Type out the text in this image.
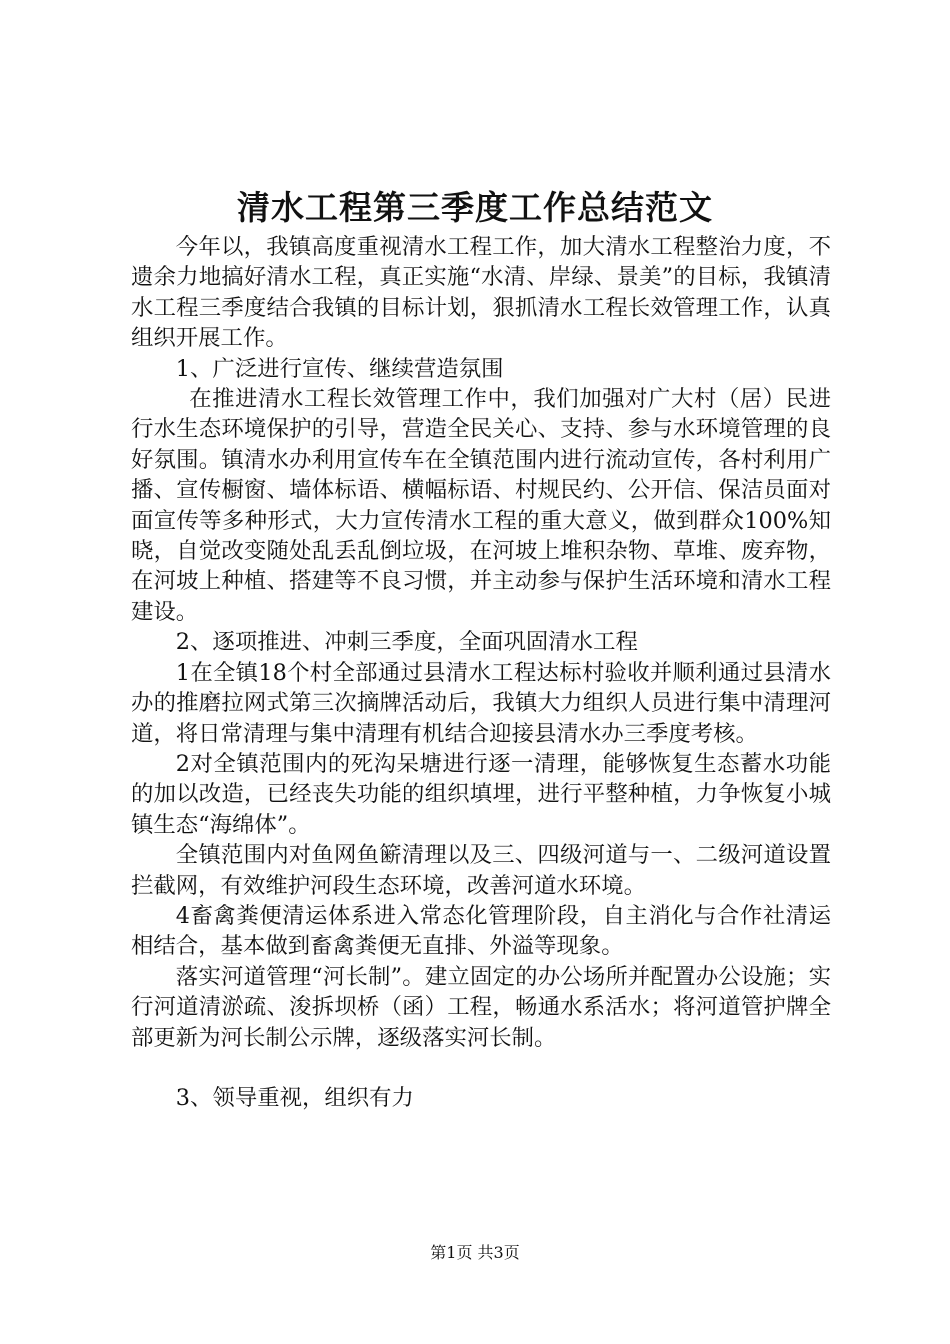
清水工程第三季度工作总结范文

今年以，我镇高度重视清水工程工作，加大清水工程整治力度，不遗余力地搞好清水工程，真正实施“水清、岸绿、景美”的目标，我镇清水工程三季度结合我镇的目标计划，狠抓清水工程长效管理工作，认真组织开展工作。

1、广泛进行宣传、继续营造氛围

在推进清水工程长效管理工作中，我们加强对广大村（居）民进行水生态环境保护的引导，营造全民关心、支持、参与水环境管理的良好氛围。镇清水办利用宣传车在全镇范围内进行流动宣传，各村利用广播、宣传橱窗、墙体标语、横幅标语、村规民约、公开信、保洁员面对面宣传等多种形式，大力宣传清水工程的重大意义，做到群众100%知晓，自觉改变随处乱丢乱倒垃圾，在河坡上堆积杂物、草堆、废弃物，在河坡上种植、搭建等不良习惯，并主动参与保护生活环境和清水工程建设。

2、逐项推进、冲刺三季度，全面巩固清水工程

1在全镇18个村全部通过县清水工程达标村验收并顺利通过县清水办的推磨拉网式第三次摘牌活动后，我镇大力组织人员进行集中清理河道，将日常清理与集中清理有机结合迎接县清水办三季度考核。

2对全镇范围内的死沟呆塘进行逐一清理，能够恢复生态蓄水功能的加以改造，已经丧失功能的组织填埋，进行平整种植，力争恢复小城镇生态“海绵体”。

全镇范围内对鱼网鱼簖清理以及三、四级河道与一、二级河道设置拦截网，有效维护河段生态环境，改善河道水环境。

4畜禽粪便清运体系进入常态化管理阶段，自主消化与合作社清运相结合，基本做到畜禽粪便无直排、外溢等现象。

落实河道管理“河长制”。建立固定的办公场所并配置办公设施；实行河道清淤疏、浚拆坝桥（函）工程，畅通水系活水；将河道管护牌全部更新为河长制公示牌，逐级落实河长制。

3、领导重视，组织有力

第1页 共3页
